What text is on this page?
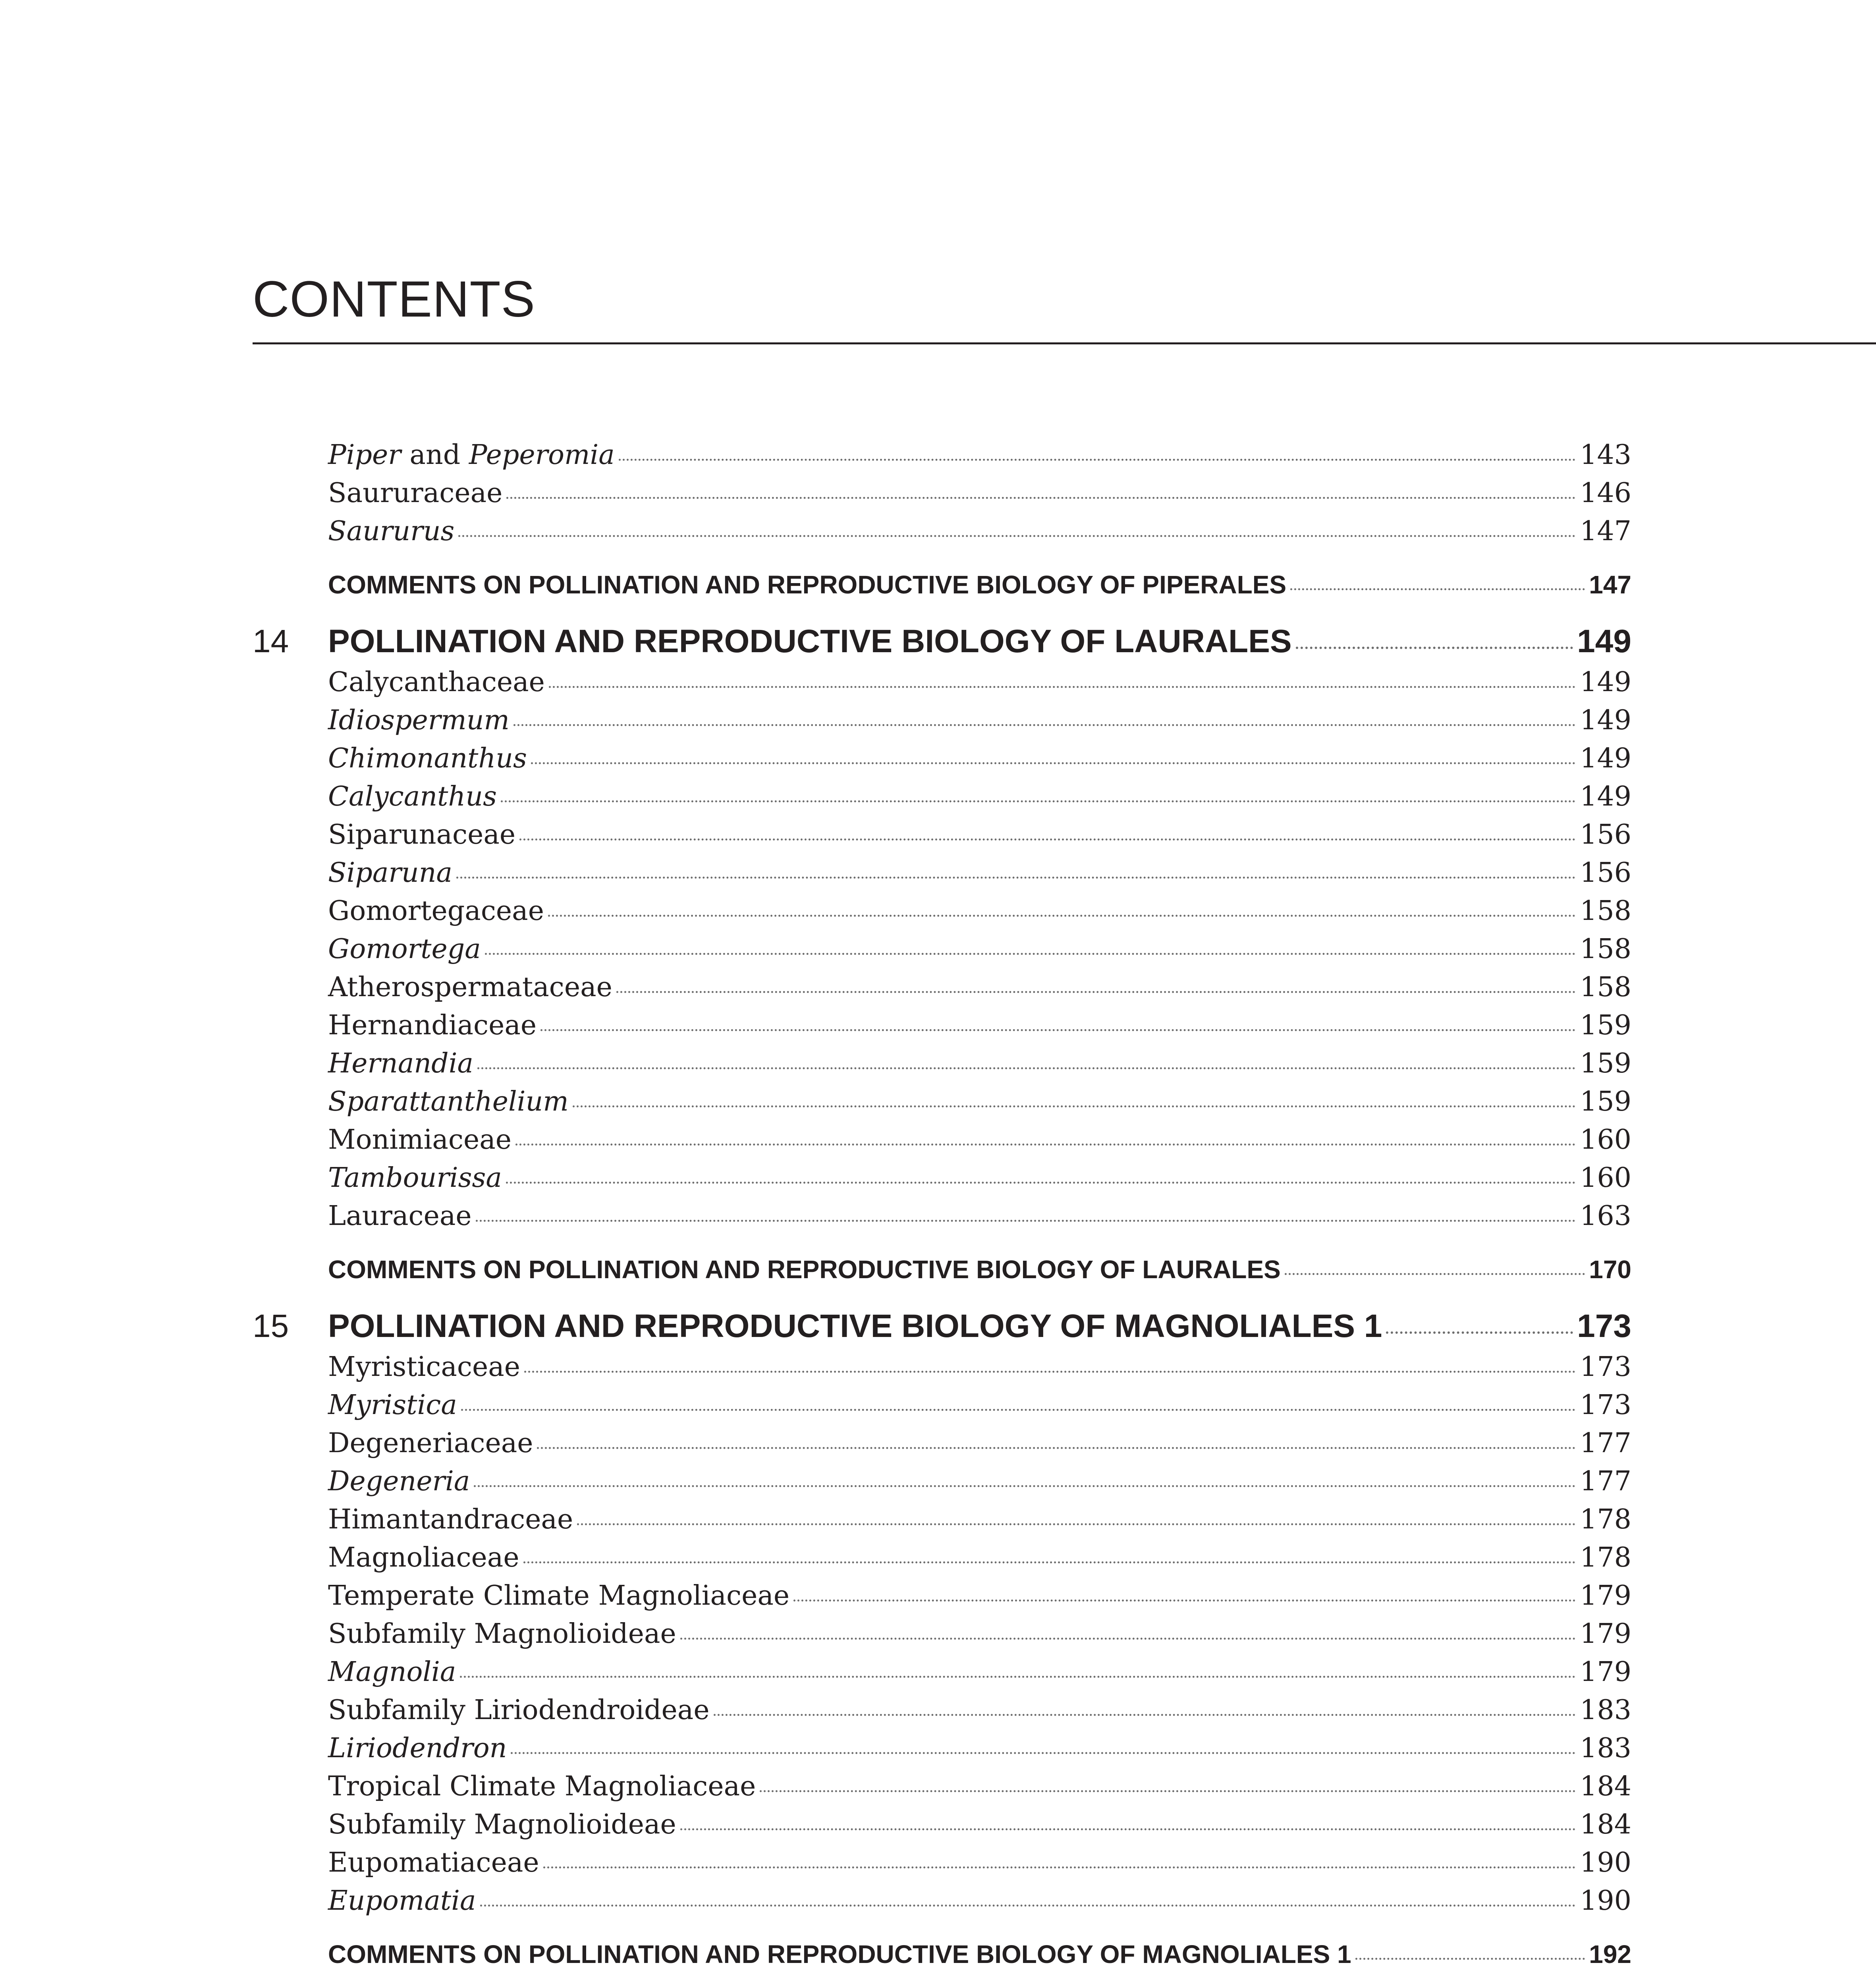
CONTENTS
Piper and Peperomia	143
Saururaceae	146
Saururus	147
COMMENTS ON POLLINATION AND REPRODUCTIVE BIOLOGY OF PIPERALES	147
14 POLLINATION AND REPRODUCTIVE BIOLOGY OF LAURALES	149
Calycanthaceae	149
Idiospermum	149
Chimonanthus	149
Calycanthus	149
Siparunaceae	156
Siparuna	156
Gomortegaceae	158
Gomortega	158
Atherospermataceae	158
Hernandiaceae	159
Hernandia	159
Sparattanthelium	159
Monimiaceae	160
Tambourissa	160
Lauraceae	163
COMMENTS ON POLLINATION AND REPRODUCTIVE BIOLOGY OF LAURALES	170
15 POLLINATION AND REPRODUCTIVE BIOLOGY OF MAGNOLIALES 1	173
Myristicaceae	173
Myristica	173
Degeneriaceae	177
Degeneria	177
Himantandraceae	178
Magnoliaceae	178
Temperate Climate Magnoliaceae	179
Subfamily Magnolioideae	179
Magnolia	179
Subfamily Liriodendroideae	183
Liriodendron	183
Tropical Climate Magnoliaceae	184
Subfamily Magnolioideae	184
Eupomatiaceae	190
Eupomatia	190
COMMENTS ON POLLINATION AND REPRODUCTIVE BIOLOGY OF MAGNOLIALES 1	192
